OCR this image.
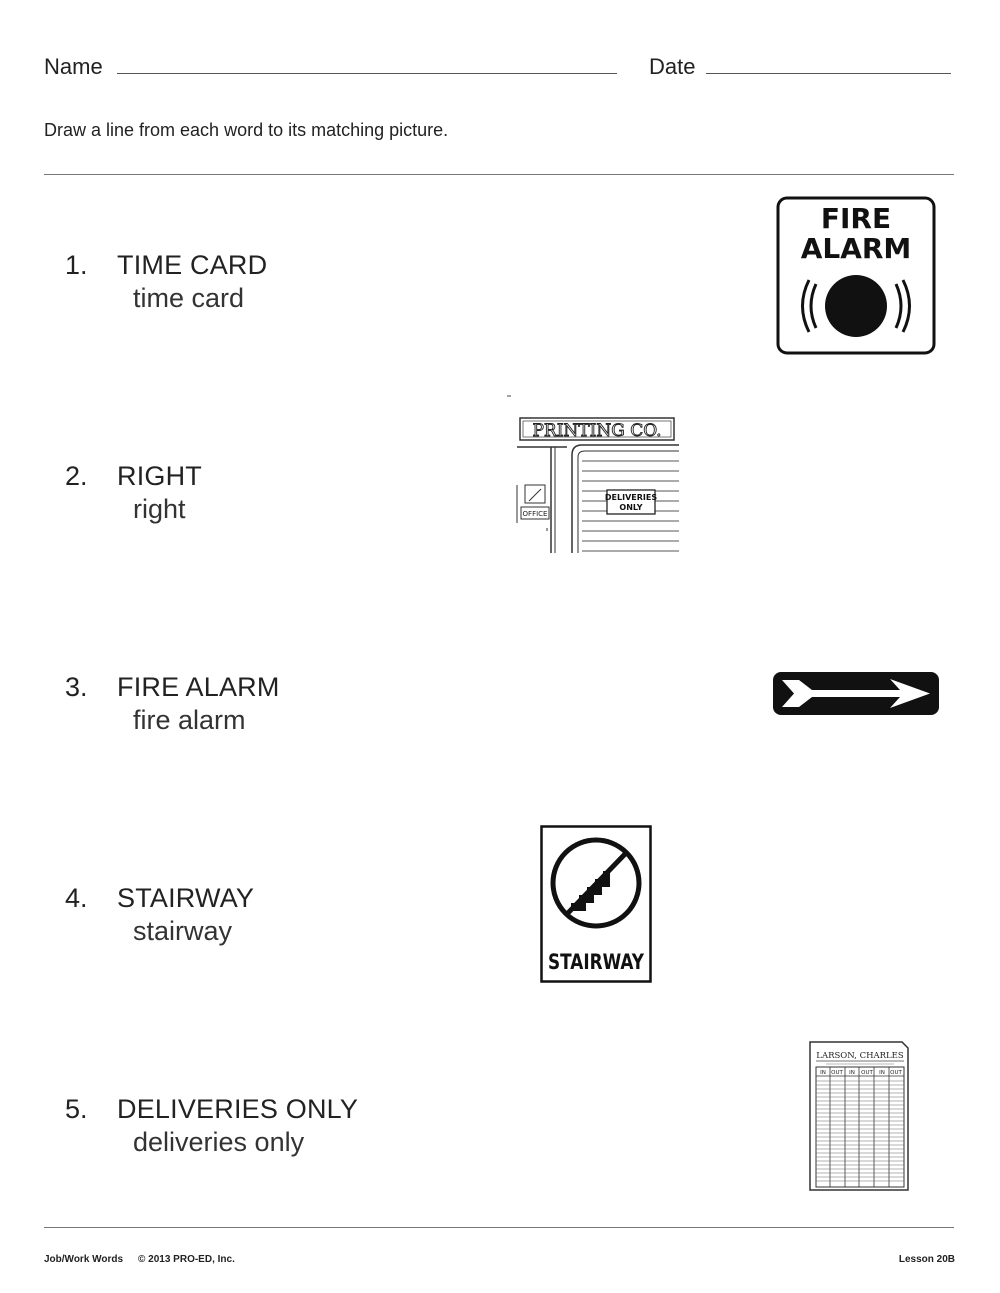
Name	Date
Draw a line from each word to its matching picture.
1. TIME CARD
time card
2. RIGHT
right
3. FIRE ALARM
fire alarm
4. STAIRWAY
stairway
5. DELIVERIES ONLY
deliveries only
FIRE
ALARM
PRINTING CO.
OFFICE
DELIVERIES
ONLY
STAIRWAY
LARSON, CHARLES
IN OUT IN OUT IN OUT
Job/Work Words © 2013 PRO-ED, Inc.	Lesson 20B
